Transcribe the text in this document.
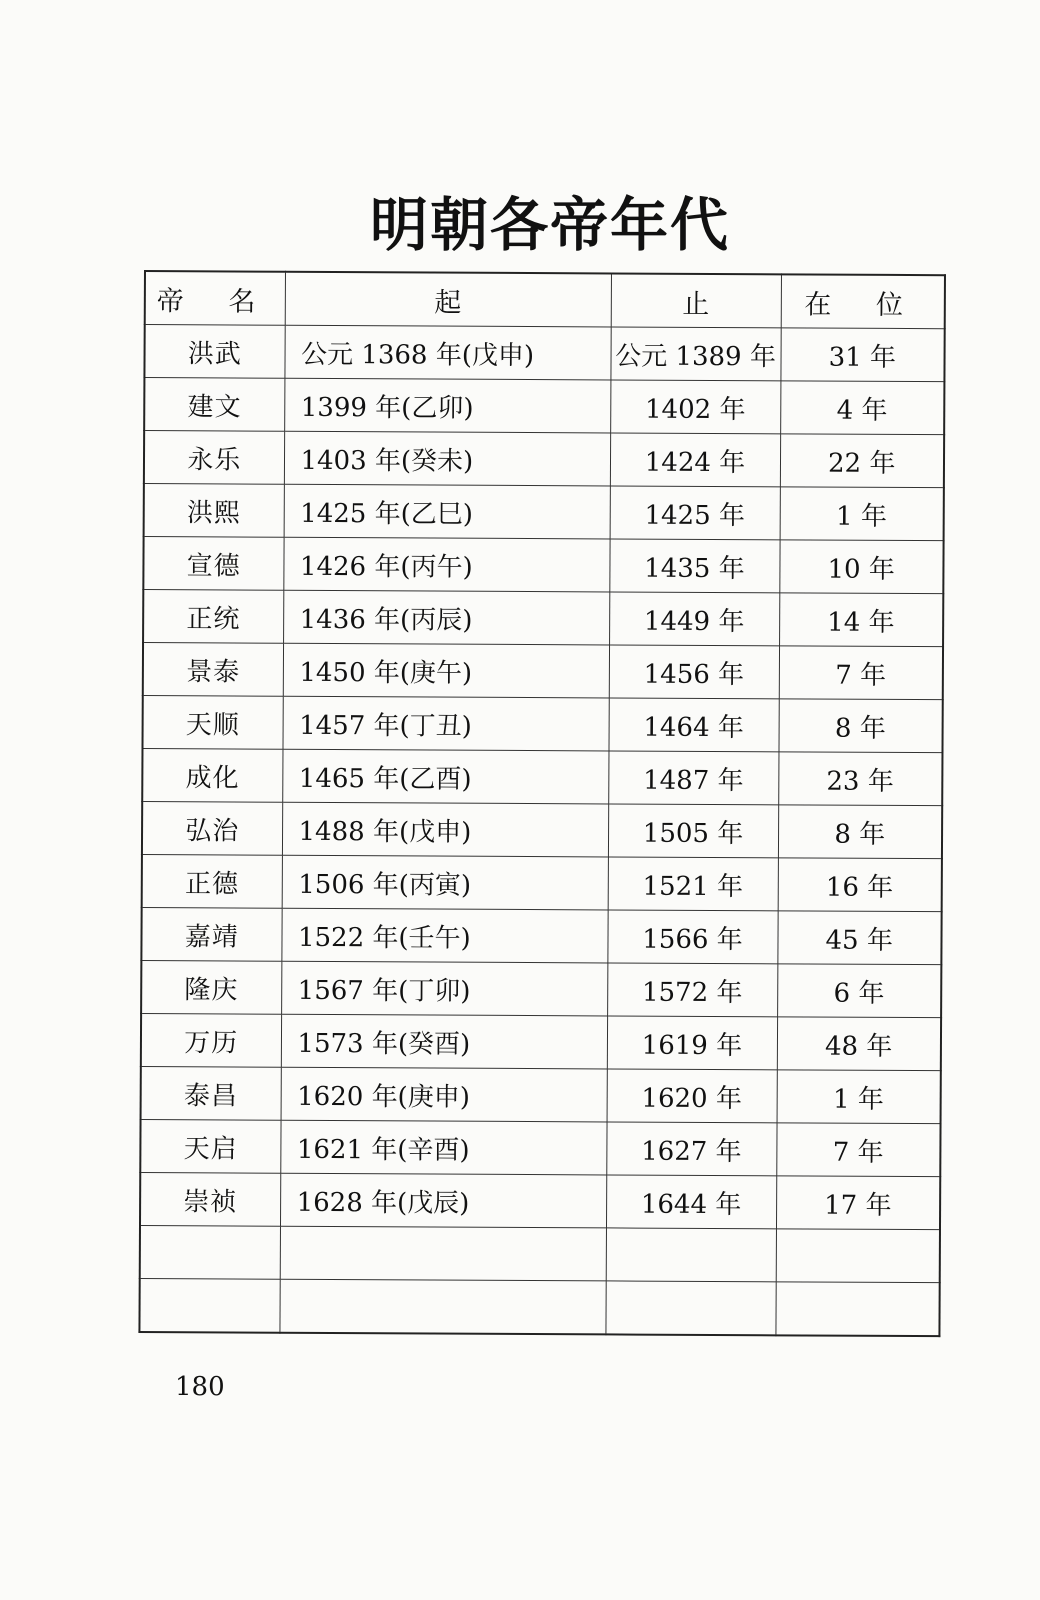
明朝各帝年代
帝 名	起	止	在 位
洪武	公元 1368 年(戊申)	公元 1389 年	31 年
建文	1399 年(乙卯)	1402 年	4 年
永乐	1403 年(癸未)	1424 年	22 年
洪熙	1425 年(乙巳)	1425 年	1 年
宣德	1426 年(丙午)	1435 年	10 年
正统	1436 年(丙辰)	1449 年	14 年
景泰	1450 年(庚午)	1456 年	7 年
天顺	1457 年(丁丑)	1464 年	8 年
成化	1465 年(乙酉)	1487 年	23 年
弘治	1488 年(戊申)	1505 年	8 年
正德	1506 年(丙寅)	1521 年	16 年
嘉靖	1522 年(壬午)	1566 年	45 年
隆庆	1567 年(丁卯)	1572 年	6 年
万历	1573 年(癸酉)	1619 年	48 年
泰昌	1620 年(庚申)	1620 年	1 年
天启	1621 年(辛酉)	1627 年	7 年
崇祯	1628 年(戊辰)	1644 年	17 年

180
